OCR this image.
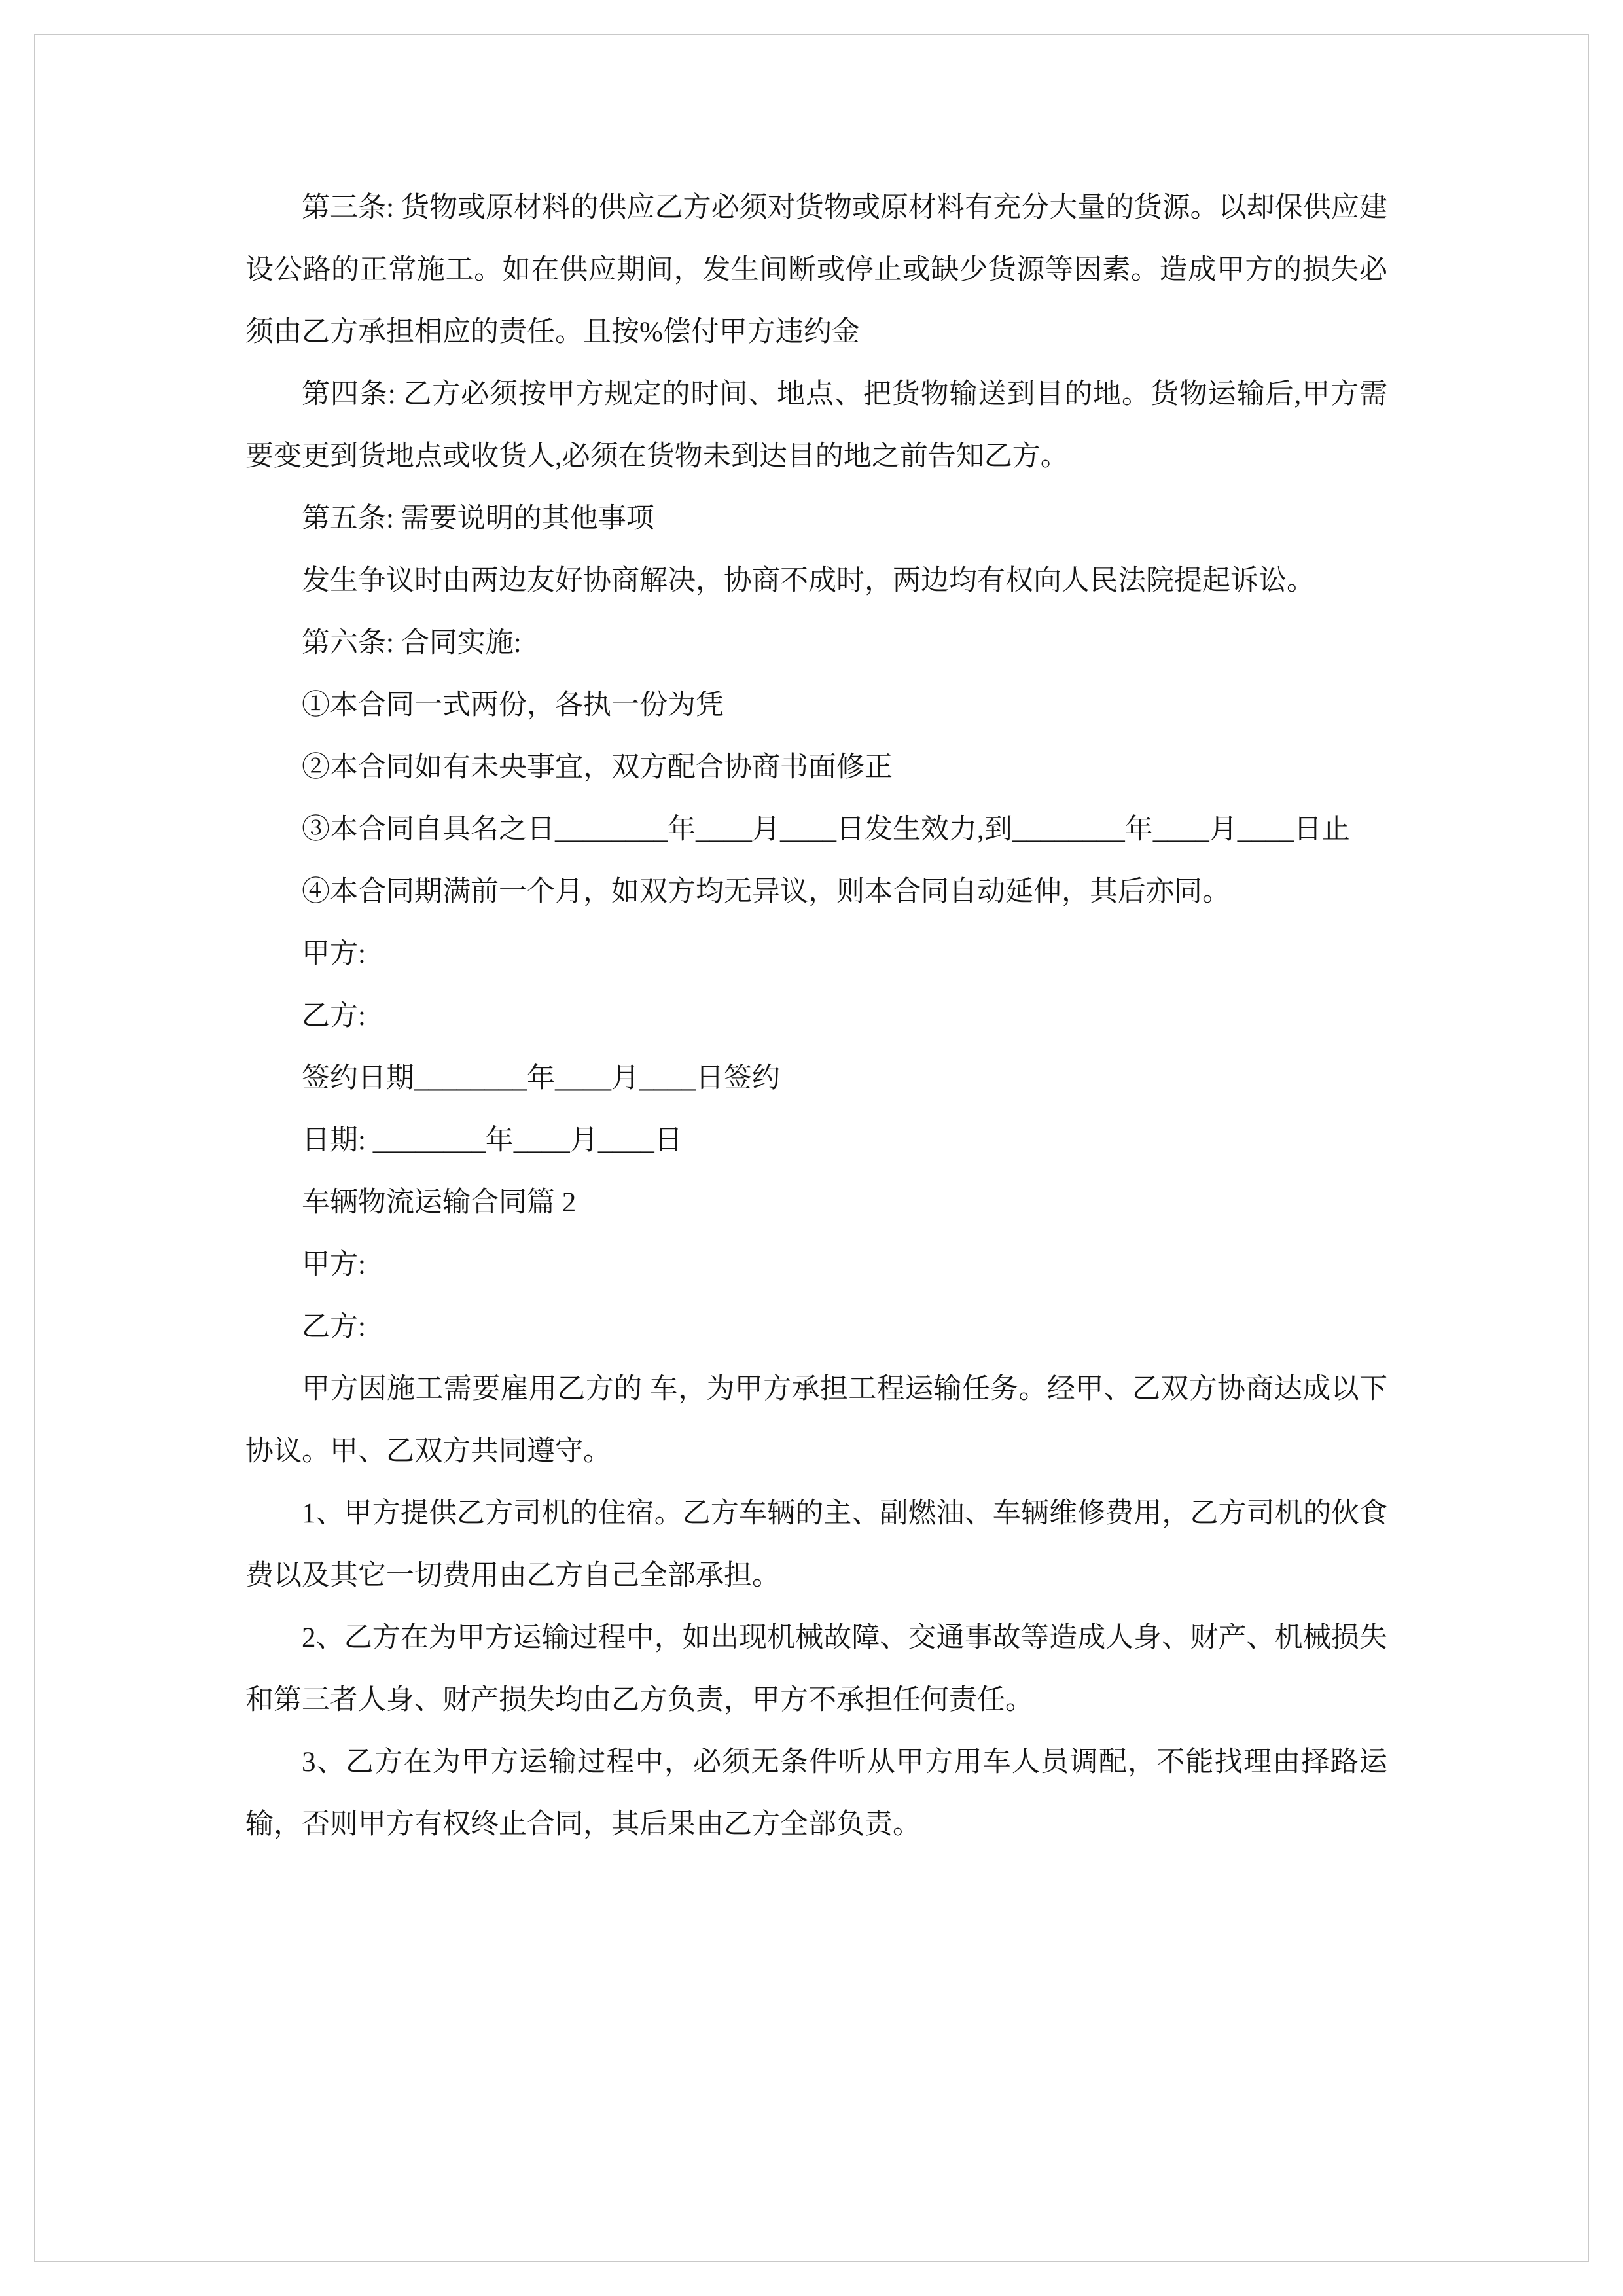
第三条: 货物或原材料的供应乙方必须对货物或原材料有充分大量的货源。以却保供应建设公路的正常施工。如在供应期间，发生间断或停止或缺少货源等因素。造成甲方的损失必须由乙方承担相应的责任。且按%偿付甲方违约金

第四条: 乙方必须按甲方规定的时间、地点、把货物输送到目的地。货物运输后,甲方需要变更到货地点或收货人,必须在货物未到达目的地之前告知乙方。

第五条: 需要说明的其他事项

发生争议时由两边友好协商解决，协商不成时，两边均有权向人民法院提起诉讼。

第六条: 合同实施:

①本合同一式两份，各执一份为凭

②本合同如有未央事宜，双方配合协商书面修正

③本合同自具名之日________年____月____日发生效力,到________年____月____日止

④本合同期满前一个月，如双方均无异议，则本合同自动延伸，其后亦同。

甲方:

乙方:

签约日期________年____月____日签约

日期: ________年____月____日

车辆物流运输合同篇 2

甲方:

乙方:

甲方因施工需要雇用乙方的 车，为甲方承担工程运输任务。经甲、乙双方协商达成以下协议。甲、乙双方共同遵守。

1、甲方提供乙方司机的住宿。乙方车辆的主、副燃油、车辆维修费用，乙方司机的伙食费以及其它一切费用由乙方自己全部承担。

2、乙方在为甲方运输过程中，如出现机械故障、交通事故等造成人身、财产、机械损失和第三者人身、财产损失均由乙方负责，甲方不承担任何责任。

3、乙方在为甲方运输过程中，必须无条件听从甲方用车人员调配，不能找理由择路运输，否则甲方有权终止合同，其后果由乙方全部负责。
